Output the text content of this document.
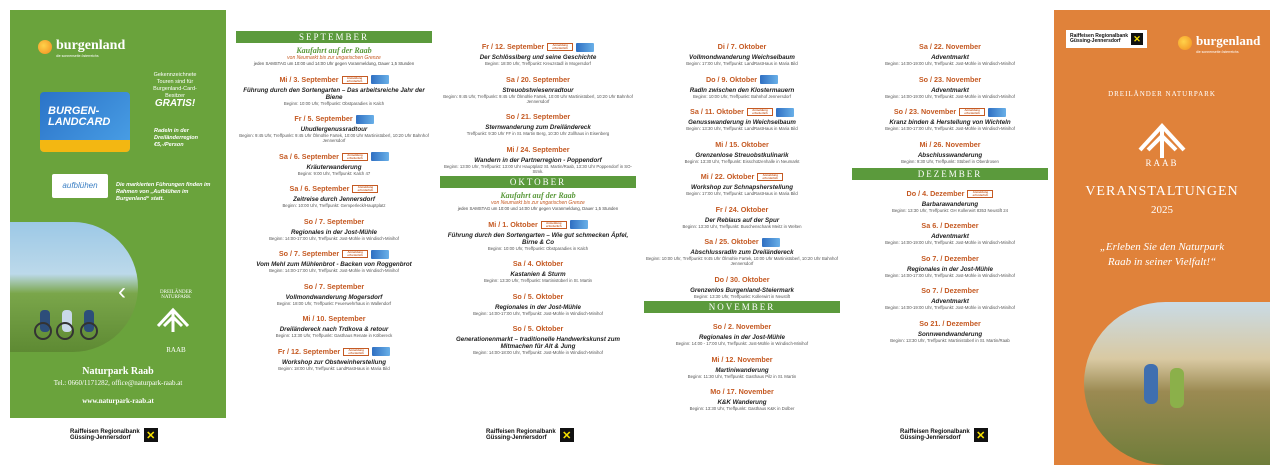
burgenland
die sonnenseite österreichs
BURGEN-LANDCARD
Gekennzeichnete Touren sind für Burgenland-Card-Besitzer
GRATIS!
Radeln in der Dreiländerregion
€5,-/Person
aufblühen	Die markierten Führungen finden im Rahmen von „Aufblühen im Burgenland“ statt.
‹	DREILÄNDER NATURPARK
RAAB
Naturpark Raab
Tel.: 0660/1171282, office@naturpark-raab.at
www.naturpark-raab.at
Raiffeisen Regionalbank
Güssing-Jennersdorf	✕
SEPTEMBER
Kaufahrt auf der Raab
von Neumarkt bis zur ungarischen Grenze
jeden SAMSTAG um 10:00 und 14:00 Uhr gegen Voranmeldung, Dauer 1,5 Stunden
Mi / 3. September	Anmeldung erforderlich
Führung durch den Sortengarten – Das arbeitsreiche Jahr der Biene
Beginn: 10:00 Uhr, Treffpunkt: Obstparadies in Kalch
Fr / 5. September
Uhudlergenussradtour
Beginn: 9:45 Uhr, Treffpunkt: 9:45 Uhr Ölmühle Fartek, 10:00 Uhr Martinistüberl, 10:20 Uhr Bahnhof Jennersdorf
Sa / 6. September	Anmeldung erforderlich
Kräuterwanderung
Beginn: 9:00 Uhr, Treffpunkt: Kalch 47
Sa / 6. September	Anmeldung erforderlich
Zeitreise durch Jennersdorf
Beginn: 10:00 Uhr, Treffpunkt: Gemperleck/Hauptplatz
So / 7. September
Regionales in der Jost-Mühle
Beginn: 14:00-17:00 Uhr, Treffpunkt: Jost-Mühle in Windisch-Minihof
So / 7. September	Anmeldung erforderlich
Vom Mehl zum Mühlenbrot - Backen von Roggenbrot
Beginn: 14:00-17:00 Uhr, Treffpunkt: Jost-Mühle in Windisch-Minihof
So / 7. September
Vollmondwanderung Mogersdorf
Beginn: 18:00 Uhr, Treffpunkt: Feuerwehrhaus in Wallendorf
Mi / 10. September
Dreiländereck nach Trdkova & retour
Beginn: 13:30 Uhr, Treffpunkt: Gasthaus Renate in Kölbereck
Fr / 12. September	Anmeldung erforderlich
Workshop zur Obstweinherstellung
Beginn: 18:00 Uhr, Treffpunkt: LandRastHaus in Maria Bild
Fr / 12. September	Anmeldung erforderlich
Der Schlösslberg und seine Geschichte
Beginn: 18:00 Uhr, Treffpunkt: Kreuzstadl in Mogersdorf
Sa / 20. September
Streuobstwiesenradtour
Beginn: 9:45 Uhr, Treffpunkt: 9:45 Uhr Ölmühle Fartek, 10:00 Uhr Martinistüberl, 10:20 Uhr Bahnhof Jennersdorf
So / 21. September
Sternwanderung zum Dreiländereck
Treffpunkt: 9:30 Uhr FF in St. Martin Berg, 10:30 Uhr Zollhaus in Eisenberg
Mi / 24. September
Wandern in der Partnerregion - Poppendorf
Beginn: 13:00 Uhr, Treffpunkt: 13:00 Uhr Hauptplatz St. Martin/Raab, 13:30 Uhr Poppendorf in SO-Stmk.
OKTOBER
Kaufahrt auf der Raab
von Neumarkt bis zur ungarischen Grenze
jeden SAMSTAG um 10:00 und 14:00 Uhr gegen Voranmeldung, Dauer 1,5 Stunden
Mi / 1. Oktober	Anmeldung erforderlich
Führung durch den Sortengarten – Wie gut schmecken Äpfel, Birne & Co
Beginn: 10:00 Uhr, Treffpunkt: Obstparadies in Kalch
Sa / 4. Oktober
Kastanien & Sturm
Beginn: 13:30 Uhr, Treffpunkt: Martinistüberl in St. Martin
So / 5. Oktober
Regionales in der Jost-Mühle
Beginn: 14:00-17:00 Uhr, Treffpunkt: Jost-Mühle in Windisch-Minihof
So / 5. Oktober
Generationenmarkt – traditionelle Handwerkskunst zum Mitmachen für Alt & Jung
Beginn: 14:00-18:00 Uhr, Treffpunkt: Jost-Mühle in Windisch-Minihof
Raiffeisen Regionalbank
Güssing-Jennersdorf	✕
Di / 7. Oktober
Vollmondwanderung Weichselbaum
Beginn: 17:00 Uhr, Treffpunkt: LandRastHaus in Maria Bild
Do / 9. Oktober
Radln zwischen den Klostermauern
Beginn: 10:00 Uhr, Treffpunkt: Bahnhof Jennersdorf
Sa / 11. Oktober	Anmeldung erforderlich
Genusswanderung in Weichselbaum
Beginn: 13:30 Uhr, Treffpunkt: LandRastHaus in Maria Bild
Mi / 15. Oktober
Grenzenlose Streuobstkulinarik
Beginn: 13:30 Uhr, Treffpunkt: Eisschützenhalle in Neumarkt
Mi / 22. Oktober	Anmeldung erforderlich
Workshop zur Schnapsherstellung
Beginn: 17:00 Uhr, Treffpunkt: LandRastHaus in Maria Bild
Fr / 24. Oktober
Der Reblaus auf der Spur
Beginn: 13:30 Uhr, Treffpunkt: Buschenschank Meitz in Welten
Sa / 25. Oktober
Abschlussradln zum Dreiländereck
Beginn: 10:00 Uhr, Treffpunkt: 9:45 Uhr Ölmühle Fartek, 10:00 Uhr Martinistüberl, 10:20 Uhr Bahnhof Jennersdorf
Do / 30. Oktober
Grenzenlos Burgenland-Steiermark
Beginn: 13:30 Uhr, Treffpunkt: Kollerwirt in Neustift
NOVEMBER
So / 2. November
Regionales in der Jost-Mühle
Beginn: 14:00 - 17:00 Uhr, Treffpunkt: Jost-Mühle in Windisch-Minihof
Mi / 12. November
Martiniwanderung
Beginn: 11:30 Uhr, Treffpunkt: Gasthaus Pilz in St. Martin
Mo / 17. November
K&K Wanderung
Beginn: 13:30 Uhr, Treffpunkt: Gasthaus K&K in Dolber
Sa / 22. November
Adventmarkt
Beginn: 14:00-19:00 Uhr, Treffpunkt: Jost-Mühle in Windisch-Minihof
So / 23. November
Adventmarkt
Beginn: 14:00-19:00 Uhr, Treffpunkt: Jost-Mühle in Windisch-Minihof
So / 23. November	Anmeldung erforderlich
Kranz binden & Herstellung von Wichteln
Beginn: 14:00-17:00 Uhr, Treffpunkt: Jost-Mühle in Windisch-Minihof
Mi / 26. November
Abschlusswanderung
Beginn: 9:30 Uhr, Treffpunkt: Stüberl in Oberdrosen
DEZEMBER
Do / 4. Dezember	Anmeldung erforderlich
Barbarawanderung
Beginn: 13:30 Uhr, Treffpunkt: GH Kollerwirt 8353 Neustift 24
Sa 6. / Dezember
Adventmarkt
Beginn: 14:00-19:00 Uhr, Treffpunkt: Jost-Mühle in Windisch-Minihof
So 7. / Dezember
Regionales in der Jost-Mühle
Beginn: 14:00-17:00 Uhr, Treffpunkt: Jost-Mühle in Windisch-Minihof
So 7. / Dezember
Adventmarkt
Beginn: 14:00-19:00 Uhr, Treffpunkt: Jost-Mühle in Windisch-Minihof
So 21. / Dezember
Sonnwendwanderung
Beginn: 13:30 Uhr, Treffpunkt: Martinistüberl in St. Martin/Raab
Raiffeisen Regionalbank
Güssing-Jennersdorf	✕
Raiffeisen Regionalbank
Güssing-Jennersdorf	✕	burgenland
die sonnenseite österreichs
DREILÄNDER NATURPARK
RAAB
VERANSTALTUNGEN
2025
„Erleben Sie den Naturpark Raab in seiner Vielfalt!“
